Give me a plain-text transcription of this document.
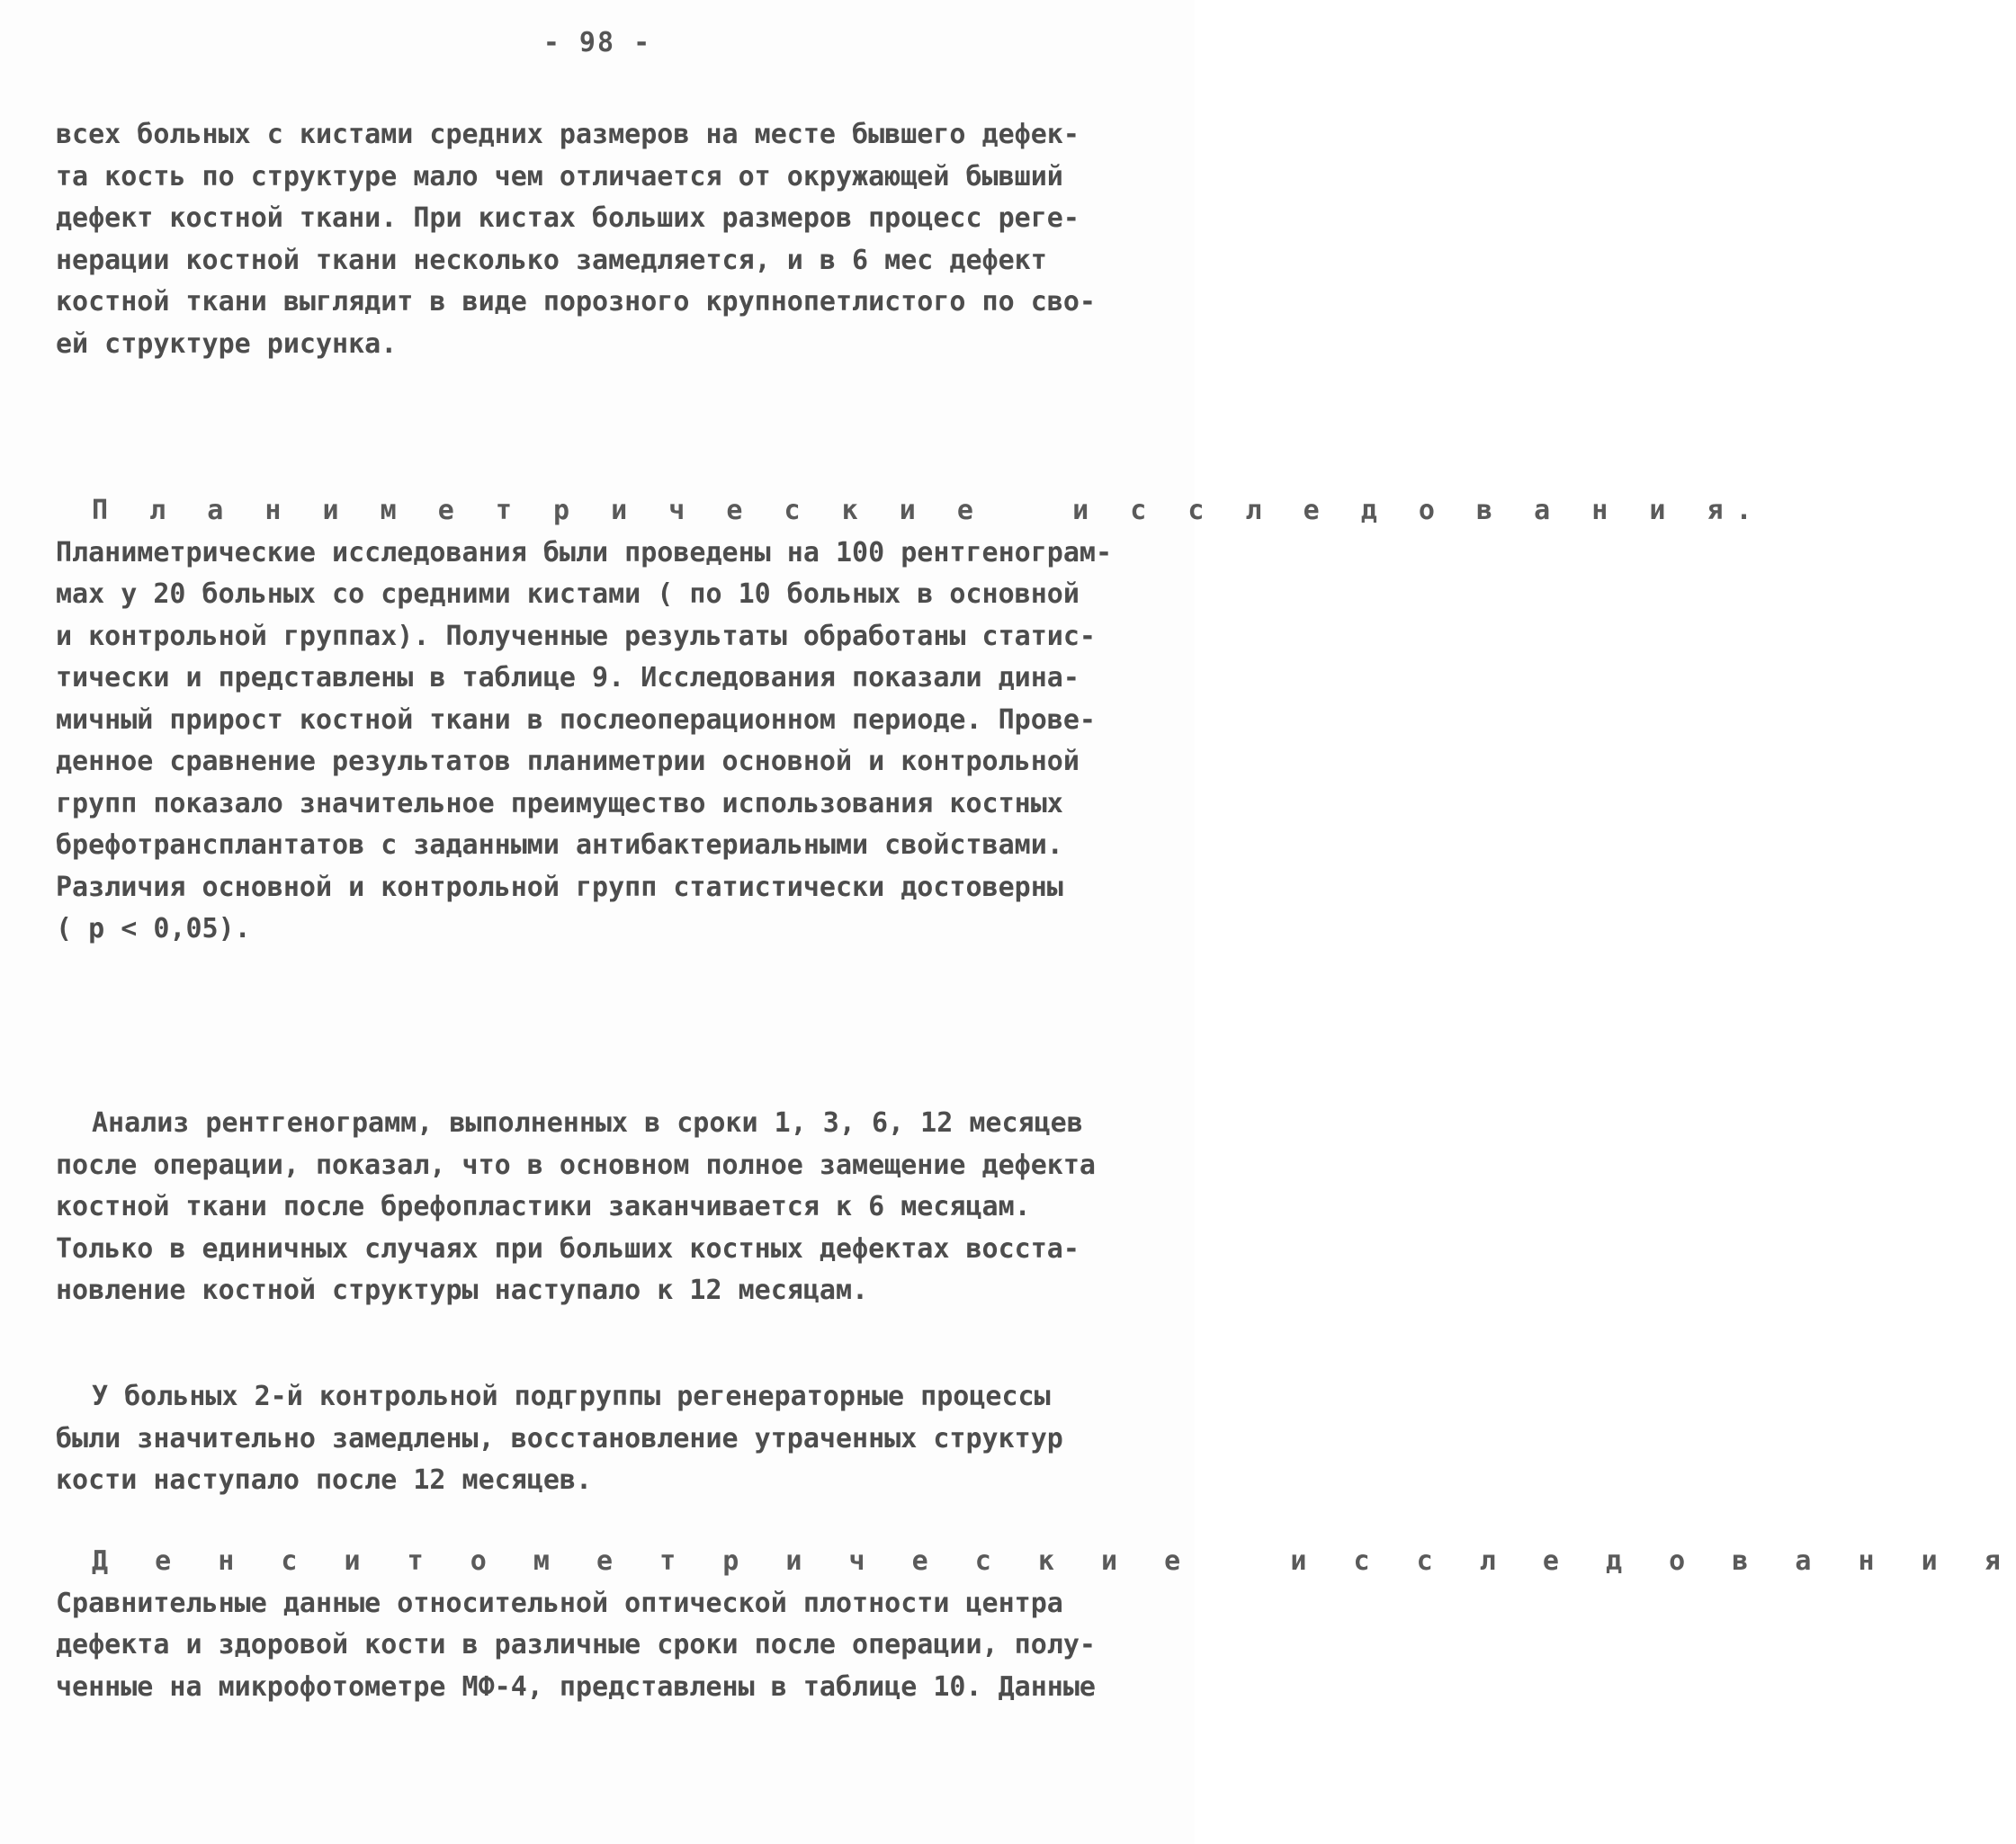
- 98 -
всех больных с кистами средних размеров на месте бывшего дефек-
та кость по структуре мало чем отличается от окружающей бывший
дефект костной ткани. При кистах больших размеров процесс реге-
нерации костной ткани несколько замедляется, и в 6 мес дефект
костной ткани выглядит в виде порозного крупнопетлистого по сво-
ей структуре рисунка.
П л а н и м е т р и ч е с к и е   и с с л е д о в а н и я.
Планиметрические исследования были проведены на 100 рентгенограм-
мах у 20 больных со средними кистами ( по 10 больных в основной
и контрольной группах). Полученные результаты обработаны статис-
тически и представлены в таблице 9. Исследования показали дина-
мичный прирост костной ткани в послеоперационном периоде. Прове-
денное сравнение результатов планиметрии основной и контрольной
групп показало значительное преимущество использования костных
брефотрансплантатов с заданными антибактериальными свойствами.
Различия основной и контрольной групп статистически достоверны
( р < 0,05).
Анализ рентгенограмм, выполненных в сроки 1, 3, 6, 12 месяцев
после операции, показал, что в основном полное замещение дефекта
костной ткани после брефопластики заканчивается к 6 месяцам.
Только в единичных случаях при больших костных дефектах восста-
новление костной структуры наступало к 12 месяцам.
У больных 2-й контрольной подгруппы регенераторные процессы
были значительно замедлены, восстановление утраченных структур
кости наступало после 12 месяцев.
Д е н с и т о м е т р и ч е с к и е   и с с л е д о в а н и я
Сравнительные данные относительной оптической плотности центра
дефекта и здоровой кости в различные сроки после операции, полу-
ченные на микрофотометре МФ-4, представлены в таблице 10. Данные
